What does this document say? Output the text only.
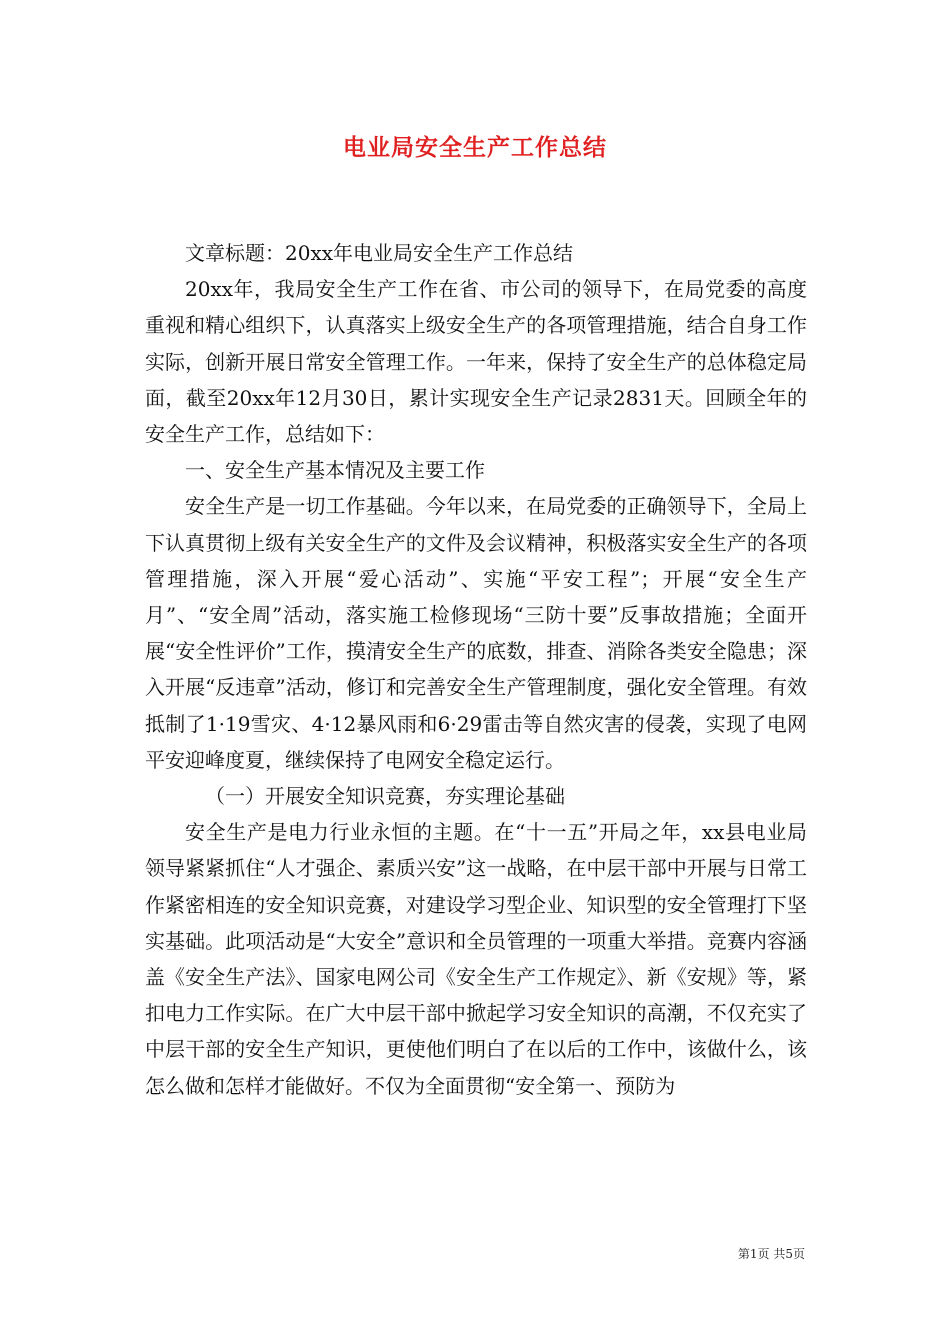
电业局安全生产工作总结

文章标题：20xx年电业局安全生产工作总结

20xx年，我局安全生产工作在省、市公司的领导下，在局党委的高度重视和精心组织下，认真落实上级安全生产的各项管理措施，结合自身工作实际，创新开展日常安全管理工作。一年来，保持了安全生产的总体稳定局面，截至20xx年12月30日，累计实现安全生产记录2831天。回顾全年的安全生产工作，总结如下：

一、安全生产基本情况及主要工作

安全生产是一切工作基础。今年以来，在局党委的正确领导下，全局上下认真贯彻上级有关安全生产的文件及会议精神，积极落实安全生产的各项管理措施，深入开展“爱心活动”、实施“平安工程”；开展“安全生产月”、“安全周”活动，落实施工检修现场“三防十要”反事故措施；全面开展“安全性评价”工作，摸清安全生产的底数，排查、消除各类安全隐患；深入开展“反违章”活动，修订和完善安全生产管理制度，强化安全管理。有效抵制了1·19雪灾、4·12暴风雨和6·29雷击等自然灾害的侵袭，实现了电网平安迎峰度夏，继续保持了电网安全稳定运行。

（一）开展安全知识竞赛，夯实理论基础

安全生产是电力行业永恒的主题。在“十一五”开局之年，xx县电业局领导紧紧抓住“人才强企、素质兴安”这一战略，在中层干部中开展与日常工作紧密相连的安全知识竞赛，对建设学习型企业、知识型的安全管理打下坚实基础。此项活动是“大安全”意识和全员管理的一项重大举措。竞赛内容涵盖《安全生产法》、国家电网公司《安全生产工作规定》、新《安规》等，紧扣电力工作实际。在广大中层干部中掀起学习安全知识的高潮，不仅充实了中层干部的安全生产知识，更使他们明白了在以后的工作中，该做什么，该怎么做和怎样才能做好。不仅为全面贯彻“安全第一、预防为

第1页 共5页
